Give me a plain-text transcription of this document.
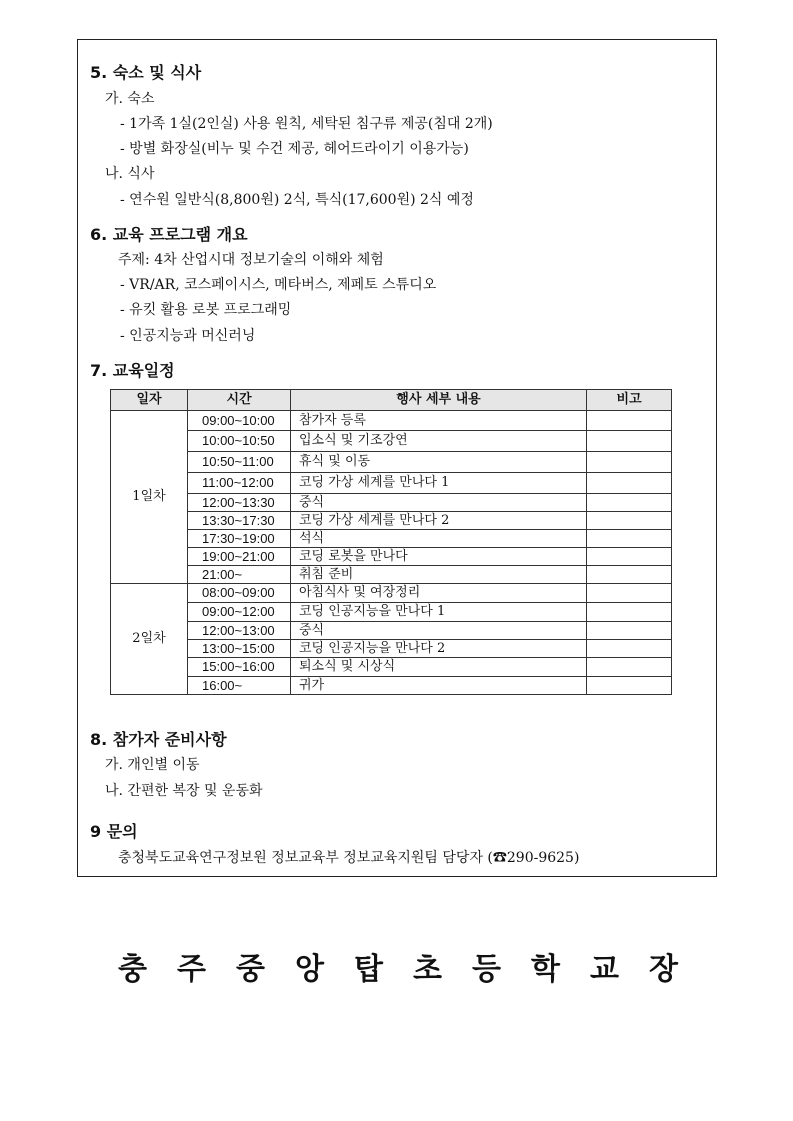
5. 숙소 및 식사
가. 숙소
- 1가족 1실(2인실) 사용 원칙, 세탁된 침구류 제공(침대 2개)
- 방별 화장실(비누 및 수건 제공, 헤어드라이기 이용가능)
나. 식사
- 연수원 일반식(8,800원) 2식, 특식(17,600원) 2식 예정
6. 교육 프로그램 개요
주제: 4차 산업시대 정보기술의 이해와 체험
- VR/AR, 코스페이시스, 메타버스, 제페토 스튜디오
- 유킷 활용 로봇 프로그래밍
- 인공지능과 머신러닝
7. 교육일정
일자	시간	행사 세부 내용	비고
1일차	09:00~10:00	참가자 등록	
	10:00~10:50	입소식 및 기조강연	
	10:50~11:00	휴식 및 이동	
	11:00~12:00	코딩 가상 세계를 만나다 1	
	12:00~13:30	중식	
	13:30~17:30	코딩 가상 세계를 만나다 2	
	17:30~19:00	석식	
	19:00~21:00	코딩 로봇을 만나다	
	21:00~	취침 준비	
2일차	08:00~09:00	아침식사 및 여장정리	
	09:00~12:00	코딩 인공지능을 만나다 1	
	12:00~13:00	중식	
	13:00~15:00	코딩 인공지능을 만나다 2	
	15:00~16:00	퇴소식 및 시상식	
	16:00~	귀가	
8. 참가자 준비사항
가. 개인별 이동
나. 간편한 복장 및 운동화
9 문의
충청북도교육연구정보원 정보교육부 정보교육지원팀 담당자 (☎290-9625)
충 주 중 앙 탑 초 등 학 교 장
